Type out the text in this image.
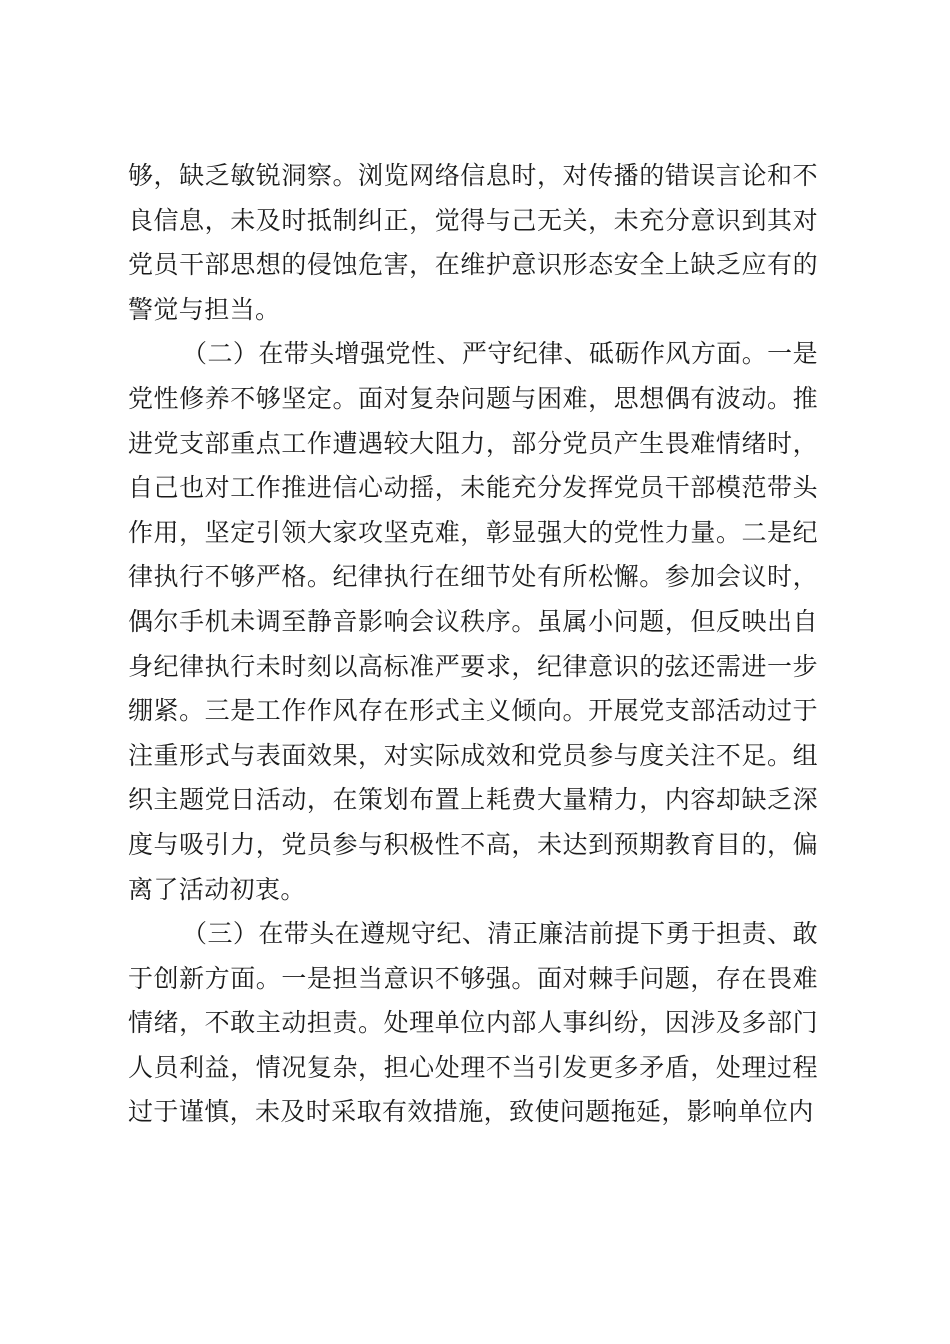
够，缺乏敏锐洞察。浏览网络信息时，对传播的错误言论和不良信息，未及时抵制纠正，觉得与己无关，未充分意识到其对党员干部思想的侵蚀危害，在维护意识形态安全上缺乏应有的警觉与担当。

（二）在带头增强党性、严守纪律、砥砺作风方面。一是党性修养不够坚定。面对复杂问题与困难，思想偶有波动。推进党支部重点工作遭遇较大阻力，部分党员产生畏难情绪时，自己也对工作推进信心动摇，未能充分发挥党员干部模范带头作用，坚定引领大家攻坚克难，彰显强大的党性力量。二是纪律执行不够严格。纪律执行在细节处有所松懈。参加会议时，偶尔手机未调至静音影响会议秩序。虽属小问题，但反映出自身纪律执行未时刻以高标准严要求，纪律意识的弦还需进一步绷紧。三是工作作风存在形式主义倾向。开展党支部活动过于注重形式与表面效果，对实际成效和党员参与度关注不足。组织主题党日活动，在策划布置上耗费大量精力，内容却缺乏深度与吸引力，党员参与积极性不高，未达到预期教育目的，偏离了活动初衷。

（三）在带头在遵规守纪、清正廉洁前提下勇于担责、敢于创新方面。一是担当意识不够强。面对棘手问题，存在畏难情绪，不敢主动担责。处理单位内部人事纠纷，因涉及多部门人员利益，情况复杂，担心处理不当引发更多矛盾，处理过程过于谨慎，未及时采取有效措施，致使问题拖延，影响单位内
